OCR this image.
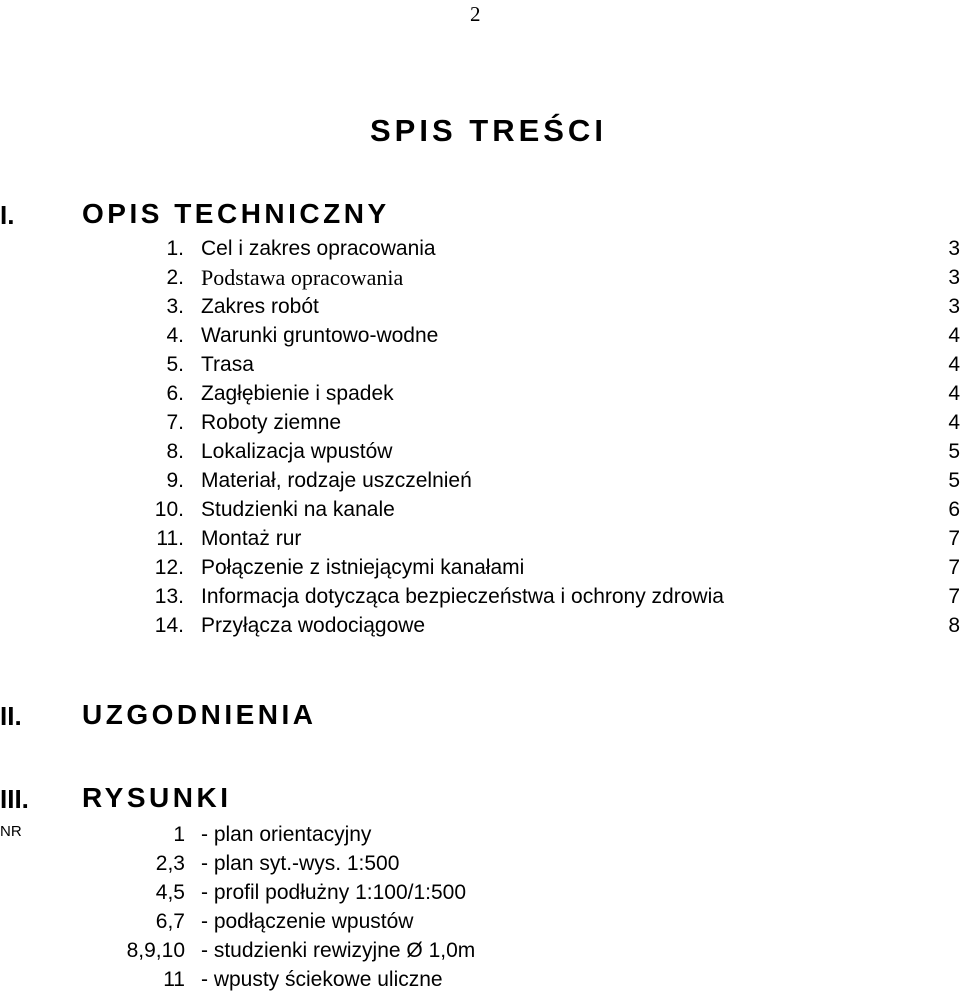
2
SPIS TREŚCI
I. OPIS TECHNICZNY
1. Cel i zakres opracowania	3
2. Podstawa opracowania	3
3. Zakres robót	3
4. Warunki gruntowo-wodne	4
5. Trasa	4
6. Zagłębienie i spadek	4
7. Roboty ziemne	4
8. Lokalizacja wpustów	5
9. Materiał, rodzaje uszczelnień	5
10. Studzienki na kanale	6
11. Montaż rur	7
12. Połączenie z istniejącymi kanałami	7
13. Informacja dotycząca bezpieczeństwa i ochrony zdrowia	7
14. Przyłącza wodociągowe	8
II. UZGODNIENIA
III. RYSUNKI
NR	1 - plan orientacyjny
2,3 - plan syt.-wys. 1:500
4,5 - profil podłużny 1:100/1:500
6,7 - podłączenie wpustów
8,9,10 - studzienki rewizyjne Ø 1,0m
11 - wpusty ściekowe uliczne
